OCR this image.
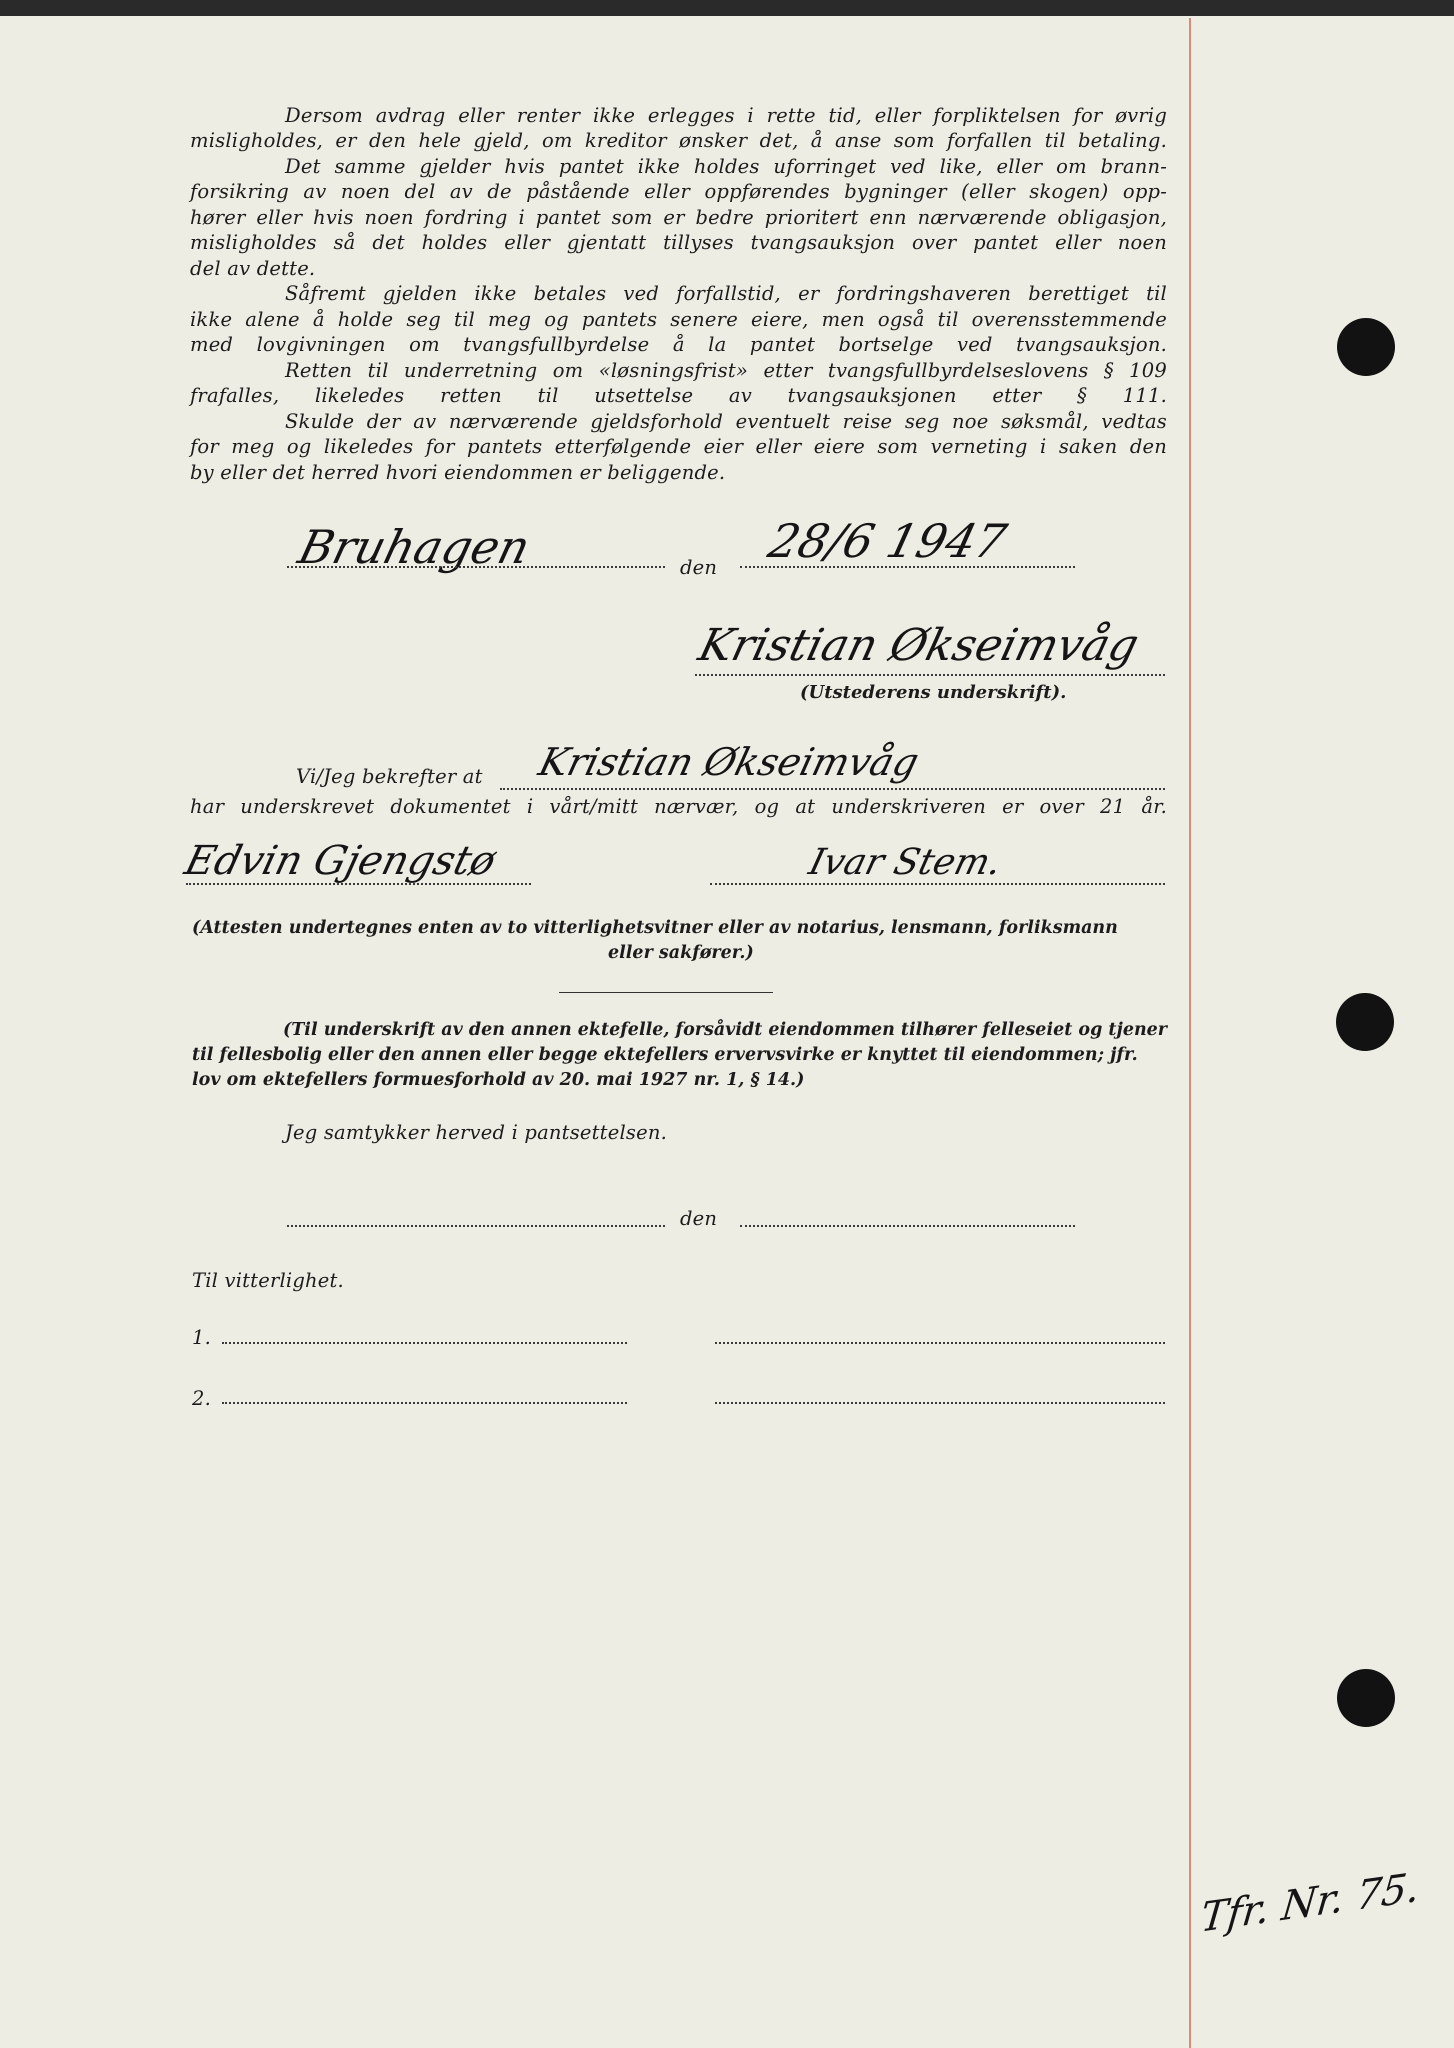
Dersom avdrag eller renter ikke erlegges i rette tid, eller forpliktelsen for øvrig
misligholdes, er den hele gjeld, om kreditor ønsker det, å anse som forfallen til betaling.
Det samme gjelder hvis pantet ikke holdes uforringet ved like, eller om brann-
forsikring av noen del av de påstående eller oppførendes bygninger (eller skogen) opp-
hører eller hvis noen fordring i pantet som er bedre prioritert enn nærværende obligasjon,
misligholdes så det holdes eller gjentatt tillyses tvangsauksjon over pantet eller noen
del av dette.
Såfremt gjelden ikke betales ved forfallstid, er fordringshaveren berettiget til
ikke alene å holde seg til meg og pantets senere eiere, men også til overensstemmende
med lovgivningen om tvangsfullbyrdelse å la pantet bortselge ved tvangsauksjon.
Retten til underretning om «løsningsfrist» etter tvangsfullbyrdelseslovens § 109
frafalles, likeledes retten til utsettelse av tvangsauksjonen etter § 111.
Skulde der av nærværende gjeldsforhold eventuelt reise seg noe søksmål, vedtas
for meg og likeledes for pantets etterfølgende eier eller eiere som verneting i saken den
by eller det herred hvori eiendommen er beliggende.
Bruhagen	den 28/6 1947
Kristian Økseimvåg
(Utstederens underskrift).
Vi/Jeg bekrefter at Kristian Økseimvåg
har underskrevet dokumentet i vårt/mitt nærvær, og at underskriveren er over 21 år.
Edvin Gjengstø	Ivar Stem.
(Attesten undertegnes enten av to vitterlighetsvitner eller av notarius, lensmann, forliksmann
eller sakfører.)
(Til underskrift av den annen ektefelle, forsåvidt eiendommen tilhører felleseiet og tjener
til fellesbolig eller den annen eller begge ektefellers ervervsvirke er knyttet til eiendommen; jfr.
lov om ektefellers formuesforhold av 20. mai 1927 nr. 1, § 14.)
Jeg samtykker herved i pantsettelsen.
den
Til vitterlighet.
1.
2.
Tfr. Nr. 75.
